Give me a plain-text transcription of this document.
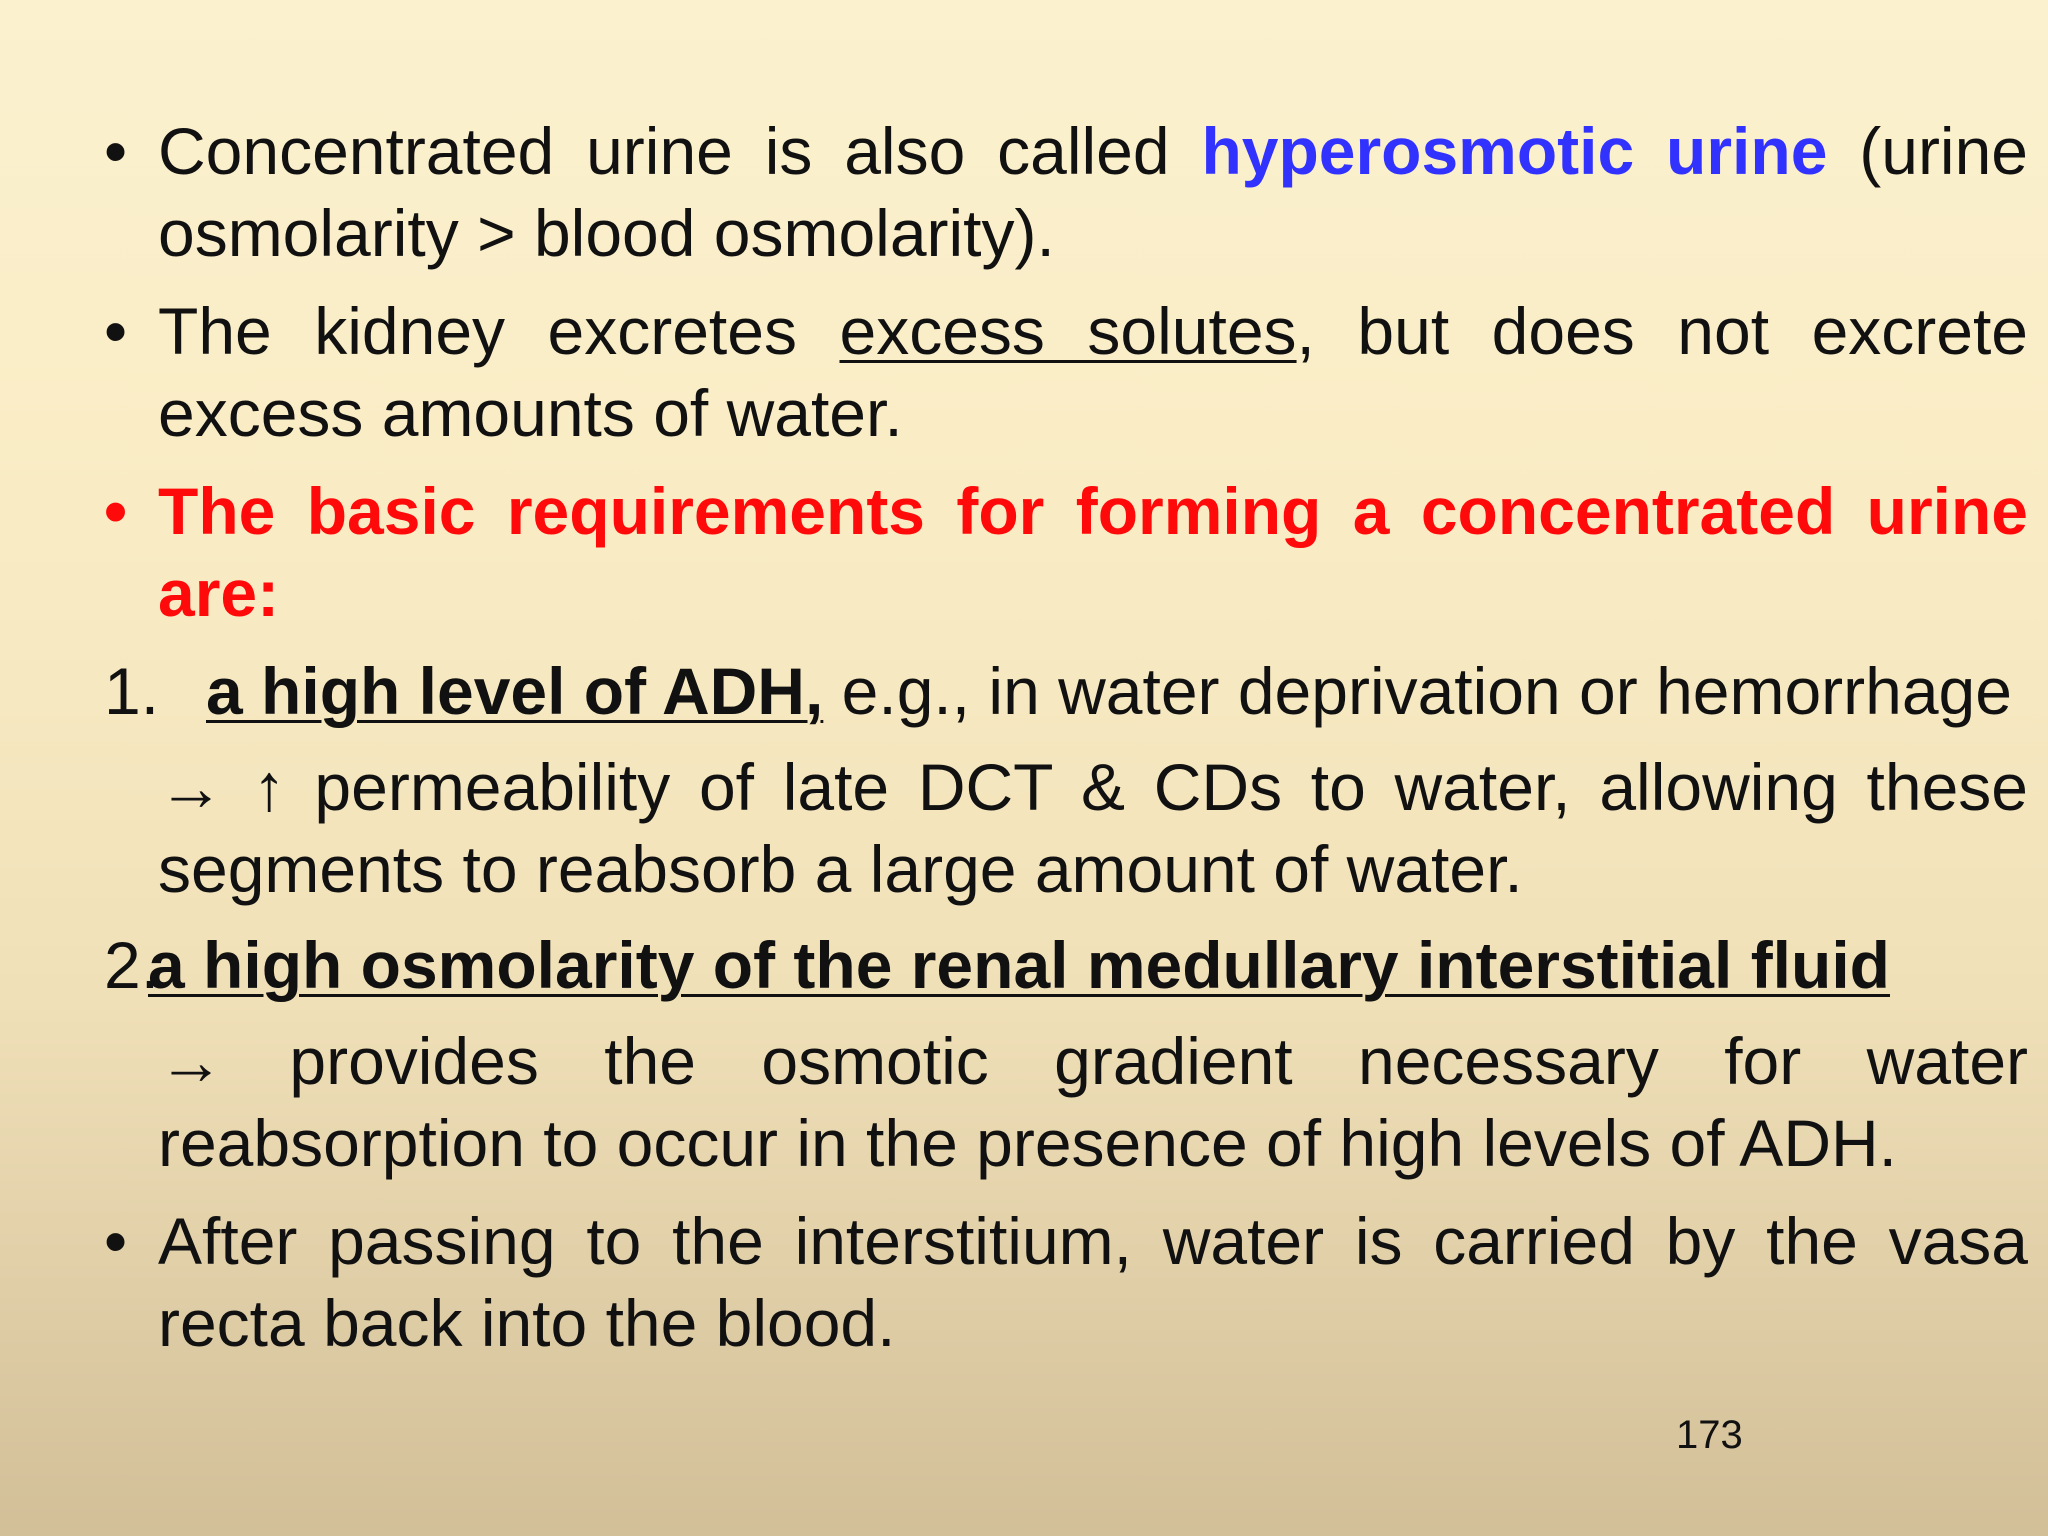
• Concentrated urine is also called hyperosmotic urine (urine osmolarity > blood osmolarity).
• The kidney excretes excess solutes, but does not excrete excess amounts of water.
• The basic requirements for forming a concentrated urine are:
1. a high level of ADH, e.g., in water deprivation or hemorrhage
→ ↑ permeability of late DCT & CDs to water, allowing these segments to reabsorb a large amount of water.
2.
a high osmolarity of the renal medullary interstitial fluid
→ provides the osmotic gradient necessary for water reabsorption to occur in the presence of high levels of ADH.
• After passing to the interstitium, water is carried by the vasa recta back into the blood.
173
